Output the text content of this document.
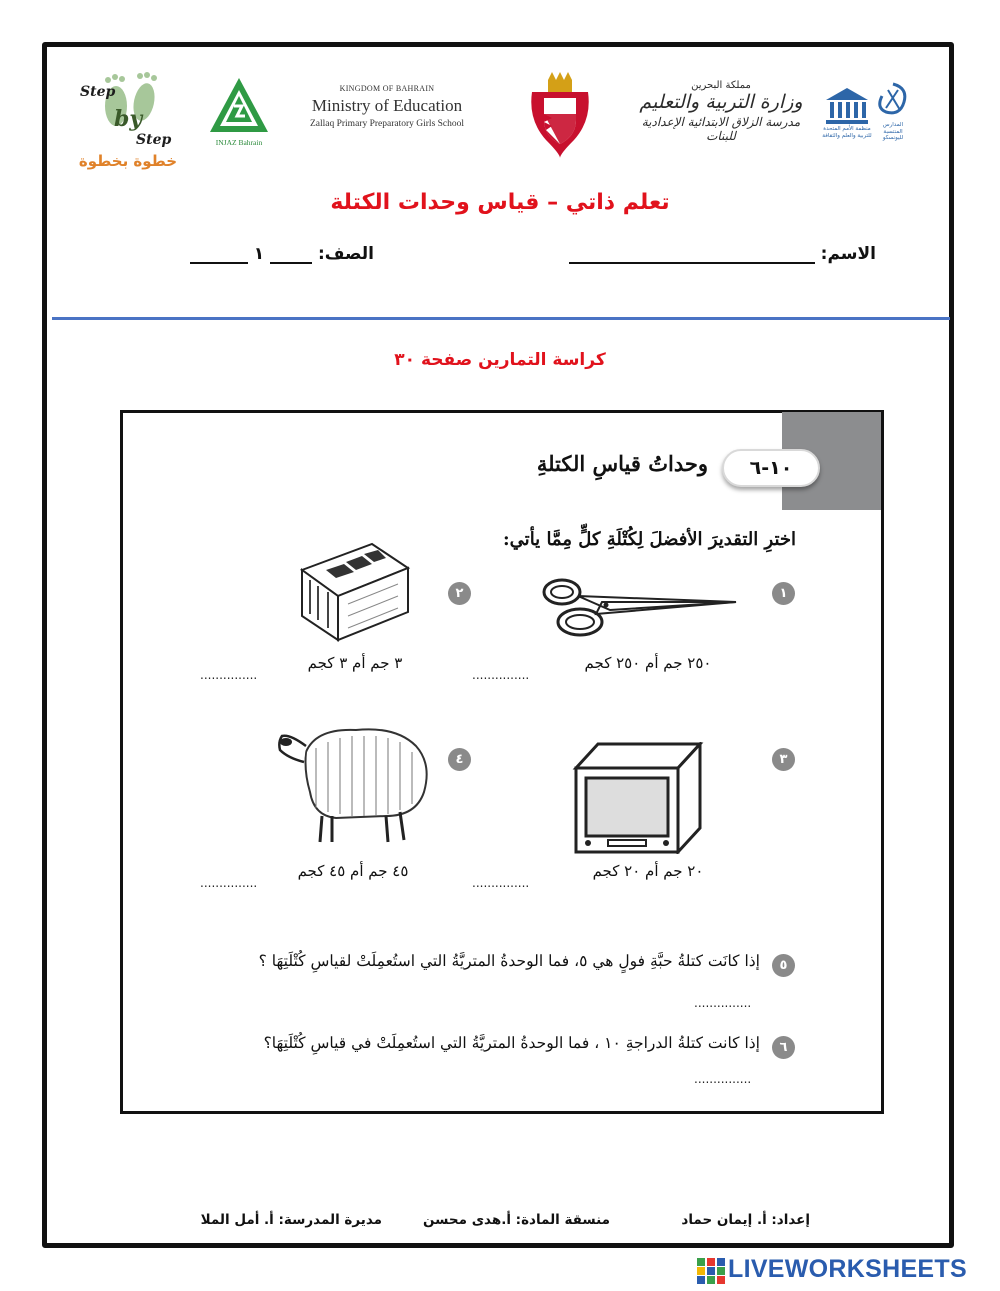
Step
by
Step
خطوة بخطوة
INJAZ Bahrain
KINGDOM OF BAHRAIN
Ministry of Education
Zallaq Primary Preparatory Girls School
مملكة البحرين
وزارة التربية والتعليم
مدرسة الزلاق الابتدائية الإعدادية للبنات	منظمة الأمم المتحدة للتربية والعلم والثقافة
المدارس المنتسبة لليونسكو
تعلم ذاتي – قياس وحدات الكتلة
الاسم:
الصف:  ١
كراسة التمارين صفحة ٣٠
١٠-٦
وحداتُ قياسِ الكتلةِ
اخترِ التقديرَ الأفضلَ لِكُتْلَةِ كلٍّ مِمَّا يأتي:
١
٢٥٠ جم أم ٢٥٠ كجم
...............
٢
٣ جم أم ٣ كجم
...............
٣
٢٠ جم أم ٢٠ كجم
...............
٤
٤٥ جم أم ٤٥ كجم
...............
٥
إذا كانَت كتلةُ حبَّةِ فولٍ هي ٥، فما الوحدةُ المتريَّةُ التي استُعمِلَتْ لقياسِ كُتْلَتِهَا ؟
...............
٦
إذا كانت كتلةُ الدراجةِ ١٠ ، فما الوحدةُ المتريَّةُ التي استُعمِلَتْ في قياسِ كُتْلَتِهَا؟
...............
إعداد: أ. إيمان حماد
منسقة المادة: أ.هدى محسن
مديرة المدرسة: أ. أمل الملا
LIVEWORKSHEETS
